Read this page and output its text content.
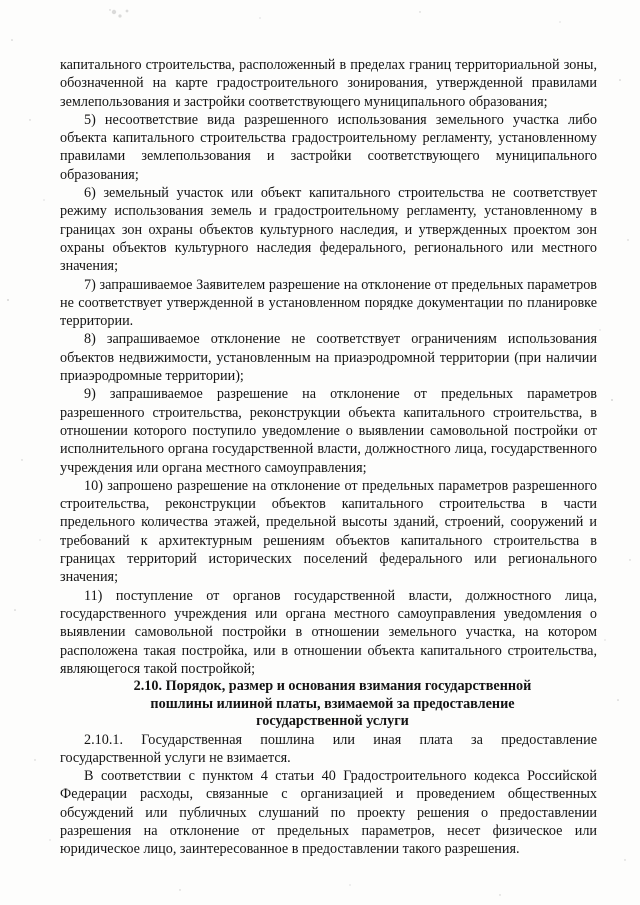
капитального строительства, расположенный в пределах границ территориальной зоны, обозначенной на карте градостроительного зонирования, утвержденной правилами землепользования и застройки соответствующего муниципального образования;

5) несоответствие вида разрешенного использования земельного участка либо объекта капитального строительства градостроительному регламенту, установленному правилами землепользования и застройки соответствующего муниципального образования;

6) земельный участок или объект капитального строительства не соответствует режиму использования земель и градостроительному регламенту, установленному в границах зон охраны объектов культурного наследия, и утвержденных проектом зон охраны объектов культурного наследия федерального, регионального или местного значения;

7) запрашиваемое Заявителем разрешение на отклонение от предельных параметров не соответствует утвержденной в установленном порядке документации по планировке территории.

8) запрашиваемое отклонение не соответствует ограничениям использования объектов недвижимости, установленным на приаэродромной территории (при наличии приаэродромные территории);

9) запрашиваемое разрешение на отклонение от предельных параметров разрешенного строительства, реконструкции объекта капитального строительства, в отношении которого поступило уведомление о выявлении самовольной постройки от исполнительного органа государственной власти, должностного лица, государственного учреждения или органа местного самоуправления;

10) запрошено разрешение на отклонение от предельных параметров разрешенного строительства, реконструкции объектов капитального строительства в части предельного количества этажей, предельной высоты зданий, строений, сооружений и требований к архитектурным решениям объектов капитального строительства в границах территорий исторических поселений федерального или регионального значения;

11) поступление от органов государственной власти, должностного лица, государственного учреждения или органа местного самоуправления уведомления о выявлении самовольной постройки в отношении земельного участка, на котором расположена такая постройка, или в отношении объекта капитального строительства, являющегося такой постройкой;

2.10. Порядок, размер и основания взимания государственной
пошлины илииной платы, взимаемой за предоставление
государственной услуги

2.10.1. Государственная пошлина или иная плата за предоставление государственной услуги не взимается.

В соответствии с пунктом 4 статьи 40 Градостроительного кодекса Российской Федерации расходы, связанные с организацией и проведением общественных обсуждений или публичных слушаний по проекту решения о предоставлении разрешения на отклонение от предельных параметров, несет физическое или юридическое лицо, заинтересованное в предоставлении такого разрешения.
